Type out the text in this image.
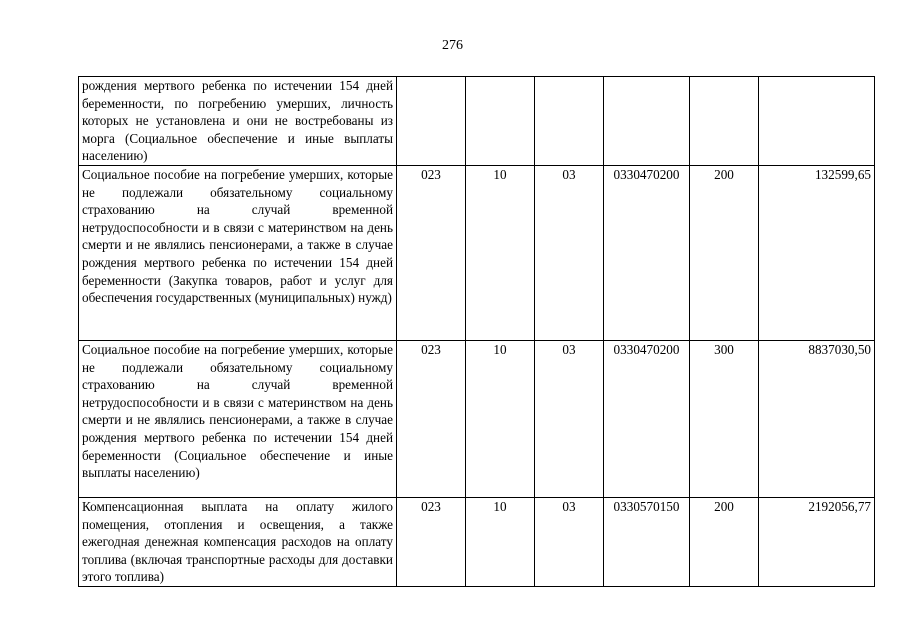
276
рождения мертвого ребенка по истечении 154 дней беременности, по погребению умерших, личность которых не установлена и они не востребованы из морга (Социальное обеспечение и иные выплаты населению)						
Социальное пособие на погребение умерших, которые не подлежали обязательному социальному страхованию на случай временной нетрудоспособности и в связи с материнством на день смерти и не являлись пенсионерами, а также в случае рождения мертвого ребенка по истечении 154 дней беременности (Закупка товаров, работ и услуг для обеспечения государственных (муниципальных) нужд)	023	10	03	0330470200	200	132599,65
Социальное пособие на погребение умерших, которые не подлежали обязательному социальному страхованию на случай временной нетрудоспособности и в связи с материнством на день смерти и не являлись пенсионерами, а также в случае рождения мертвого ребенка по истечении 154 дней беременности (Социальное обеспечение и иные выплаты населению)	023	10	03	0330470200	300	8837030,50
Компенсационная выплата на оплату жилого помещения, отопления и освещения, а также ежегодная денежная компенсация расходов на оплату топлива (включая транспортные расходы для доставки этого топлива)	023	10	03	0330570150	200	2192056,77
